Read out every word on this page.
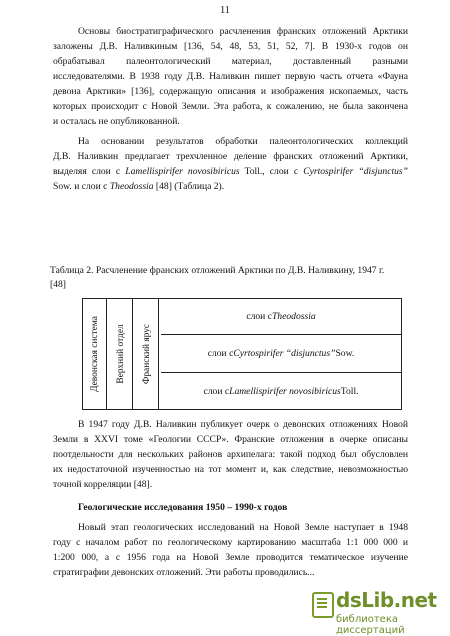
11
Основы биостратиграфического расчленения франских отложений Арктики
заложены Д.В. Наливкиным [136, 54, 48, 53, 51, 52, 7]. В 1930-х годов он
обрабатывал палеонтологический материал, доставленный разными
исследователями. В 1938 году Д.В. Наливкин пишет первую часть отчета «Фауна
девона Арктики» [136], содержащую описания и изображения ископаемых, часть
которых происходит с Новой Земли. Эта работа, к сожалению, не была закончена
и осталась не опубликованной.
На основании результатов обработки палеонтологических коллекций
Д.В. Наливкин предлагает трехчленное деление франских отложений Арктики,
выделяя слои с Lamellispirifer novosibiricus Toll., слои с Cyrtospirifer “disjunctus”
Sow. и слои с Theodossia [48] (Таблица 2).
Таблица 2. Расчленение франских отложений Арктики по Д.В. Наливкину, 1947 г.
[48]
Девонская система Верхний отдел Франский ярус
слои с Theodossia
слои с Cyrtospirifer “disjunctus” Sow.
слои с Lamellispirifer novosibiricus Toll.
В 1947 году Д.В. Наливкин публикует очерк о девонских отложениях Новой
Земли в XXVI томе «Геологии СССР». Франские отложения в очерке описаны
поотдельности для нескольких районов архипелага: такой подход был обусловлен
их недостаточной изученностью на тот момент и, как следствие, невозможностью
точной корреляции [48].
Геологические исследования 1950 – 1990-х годов
Новый этап геологических исследований на Новой Земле наступает в 1948
году с началом работ по геологическому картированию масштаба 1:1 000 000 и
1:200 000, а с 1956 года на Новой Земле проводится тематическое изучение
стратиграфии девонских отложений. Эти работы проводились...
dsLib.net
библиотека диссертаций
